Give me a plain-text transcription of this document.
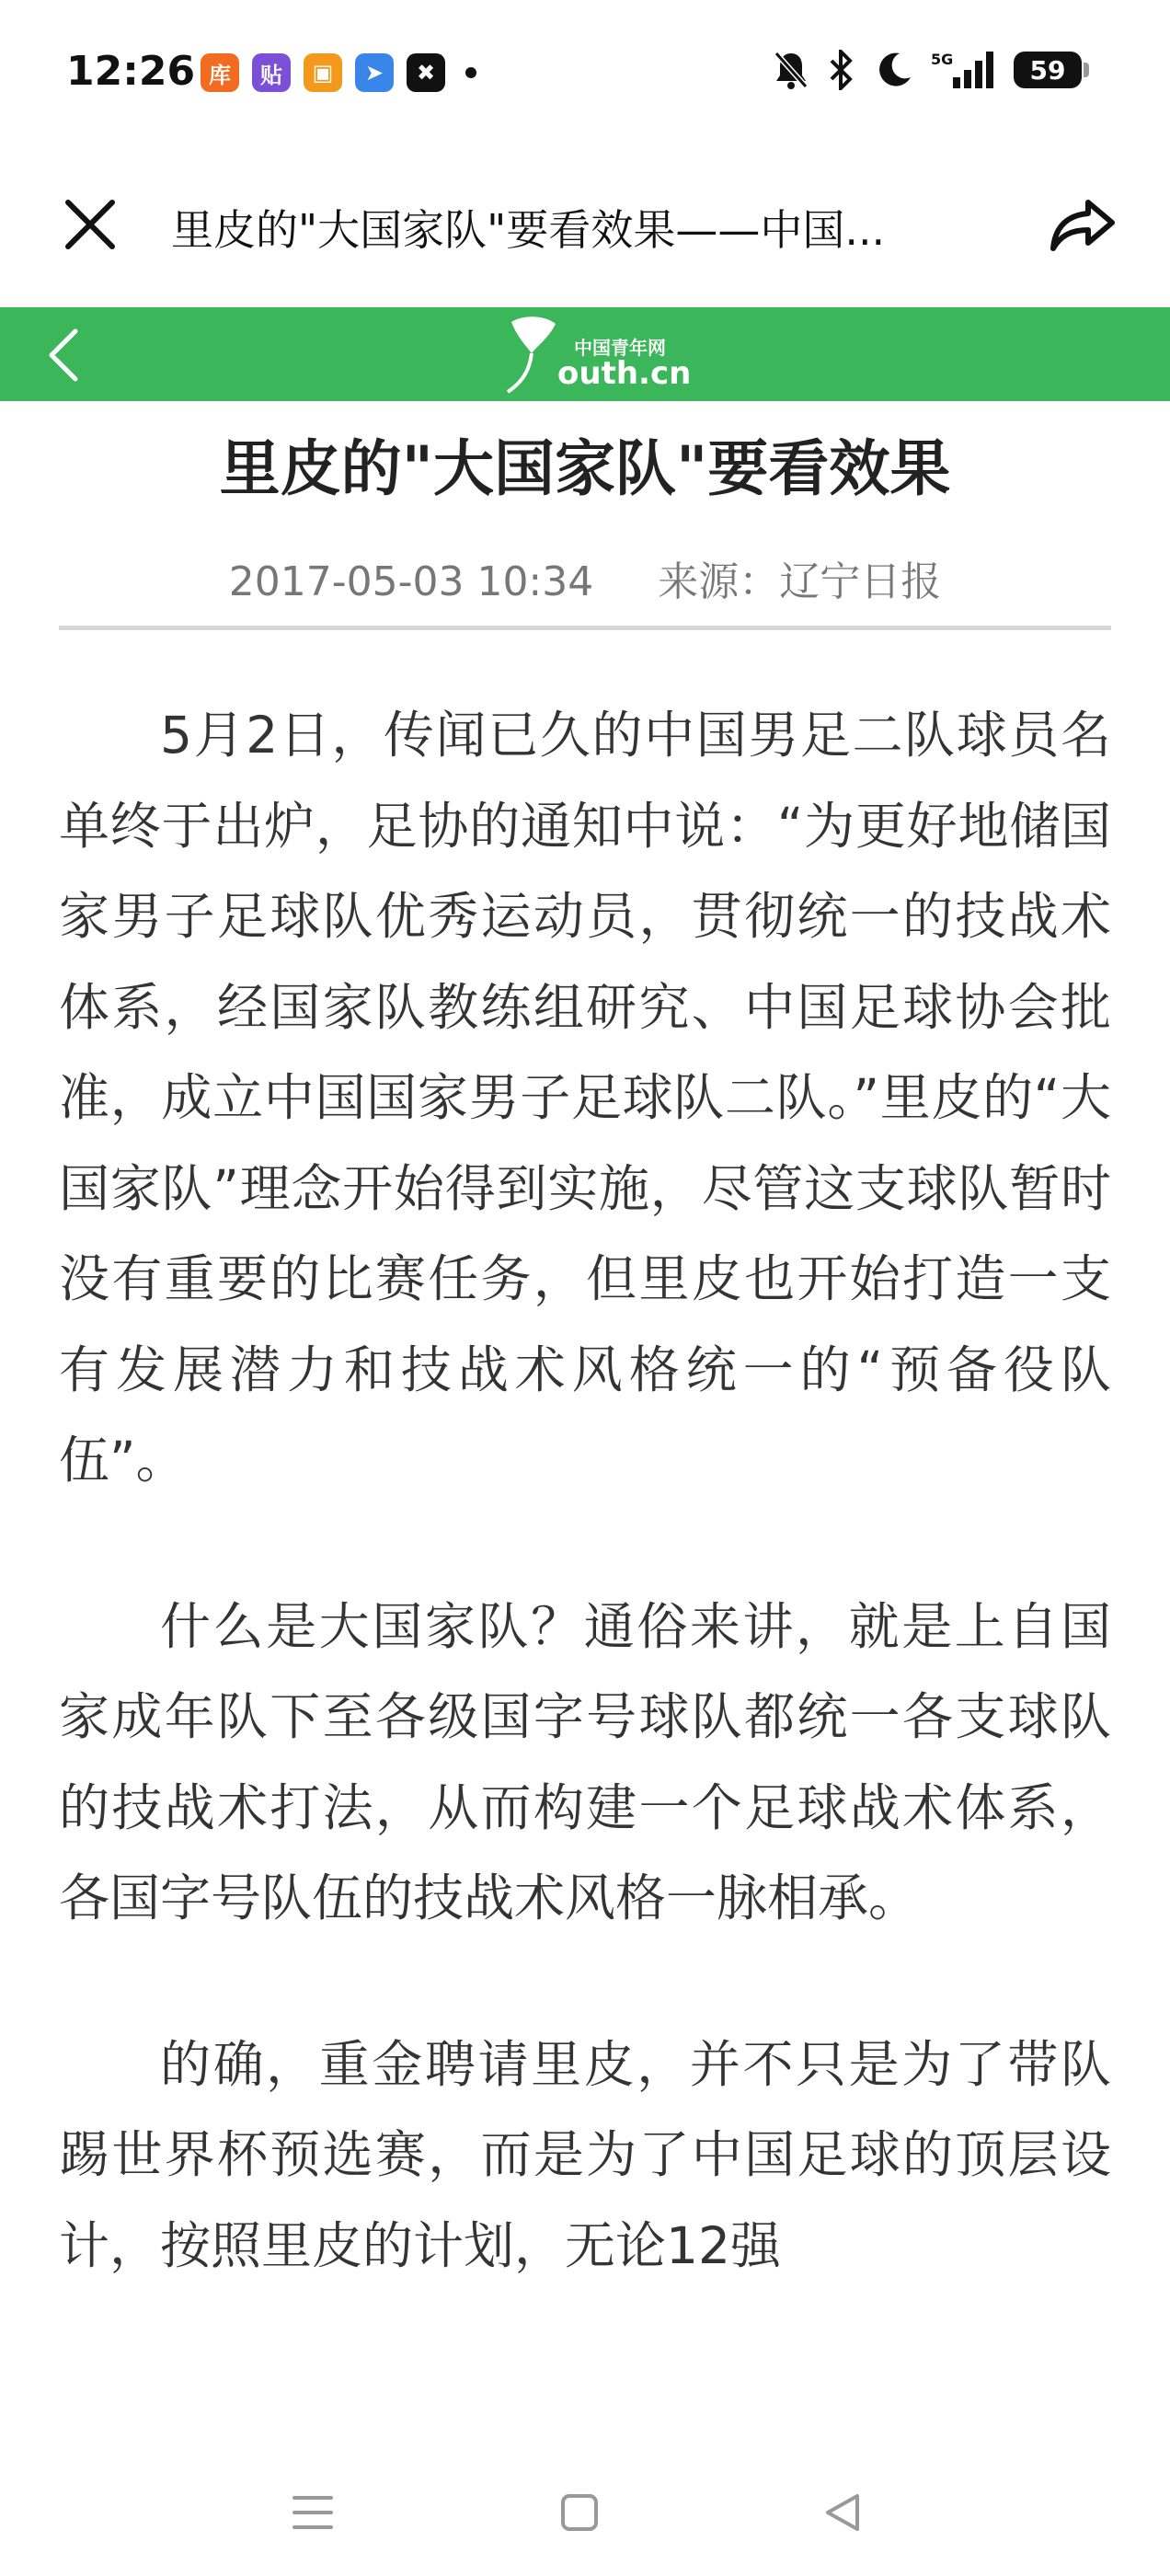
12:26 库	贴	▣	➤	✖
5G	59
里皮的"大国家队"要看效果——中国...
中国青年网
outh.cn
里皮的"大国家队"要看效果
2017-05-03 10:34 来源：辽宁日报

5月2日，传闻已久的中国男足二队球员名单终于出炉，足协的通知中说：“为更好地储国家男子足球队优秀运动员，贯彻统一的技战术体系，经国家队教练组研究、中国足球协会批准，成立中国国家男子足球队二队。”里皮的“大国家队”理念开始得到实施，尽管这支球队暂时没有重要的比赛任务，但里皮也开始打造一支有发展潜力和技战术风格统一的“预备役队伍”。

什么是大国家队？通俗来讲，就是上自国家成年队下至各级国字号球队都统一各支球队的技战术打法，从而构建一个足球战术体系，各国字号队伍的技战术风格一脉相承。

的确，重金聘请里皮，并不只是为了带队踢世界杯预选赛，而是为了中国足球的顶层设计，按照里皮的计划，无论12强
